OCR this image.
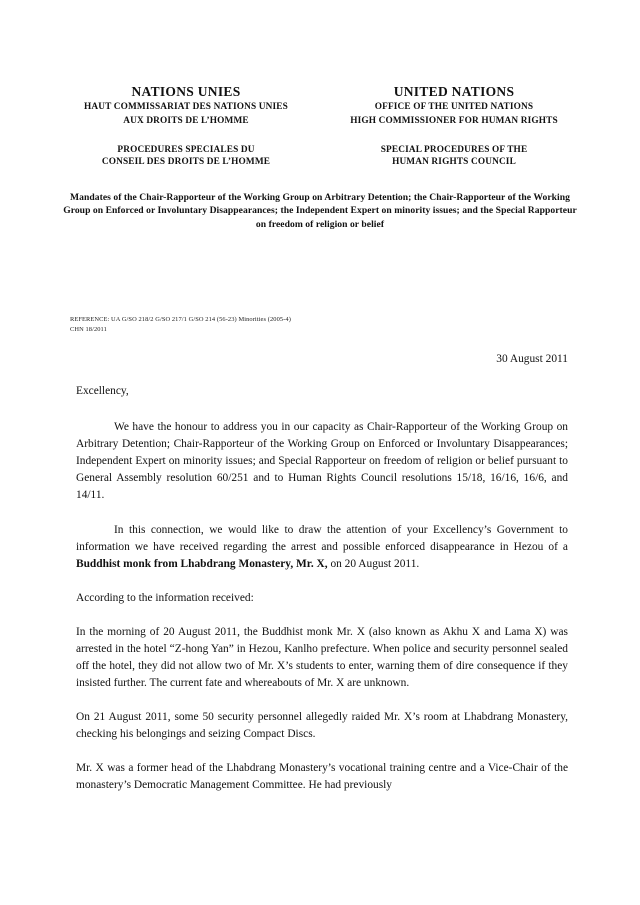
NATIONS UNIES
HAUT COMMISSARIAT DES NATIONS UNIES
AUX DROITS DE L’HOMME
PROCEDURES SPECIALES DU
CONSEIL DES DROITS DE L’HOMME
UNITED NATIONS
OFFICE OF THE UNITED NATIONS
HIGH COMMISSIONER FOR HUMAN RIGHTS
SPECIAL PROCEDURES OF THE
HUMAN RIGHTS COUNCIL
Mandates of the Chair-Rapporteur of the Working Group on Arbitrary Detention; the Chair-Rapporteur of the Working Group on Enforced or Involuntary Disappearances; the Independent Expert on minority issues; and the Special Rapporteur on freedom of religion or belief
REFERENCE: UA G/SO 218/2 G/SO 217/1 G/SO 214 (56-23) Minorities (2005-4)
CHN 18/2011
30 August 2011
Excellency,

We have the honour to address you in our capacity as Chair-Rapporteur of the Working Group on Arbitrary Detention; Chair-Rapporteur of the Working Group on Enforced or Involuntary Disappearances; Independent Expert on minority issues; and Special Rapporteur on freedom of religion or belief pursuant to General Assembly resolution 60/251 and to Human Rights Council resolutions 15/18, 16/16, 16/6, and 14/11.

In this connection, we would like to draw the attention of your Excellency’s Government to information we have received regarding the arrest and possible enforced disappearance in Hezou of a Buddhist monk from Lhabdrang Monastery, Mr. X, on 20 August 2011.

According to the information received:

In the morning of 20 August 2011, the Buddhist monk Mr. X (also known as Akhu X and Lama X) was arrested in the hotel “Z-hong Yan” in Hezou, Kanlho prefecture. When police and security personnel sealed off the hotel, they did not allow two of Mr. X’s students to enter, warning them of dire consequence if they insisted further. The current fate and whereabouts of Mr. X are unknown.

On 21 August 2011, some 50 security personnel allegedly raided Mr. X’s room at Lhabdrang Monastery, checking his belongings and seizing Compact Discs.

Mr. X was a former head of the Lhabdrang Monastery’s vocational training centre and a Vice-Chair of the monastery’s Democratic Management Committee. He had previously
